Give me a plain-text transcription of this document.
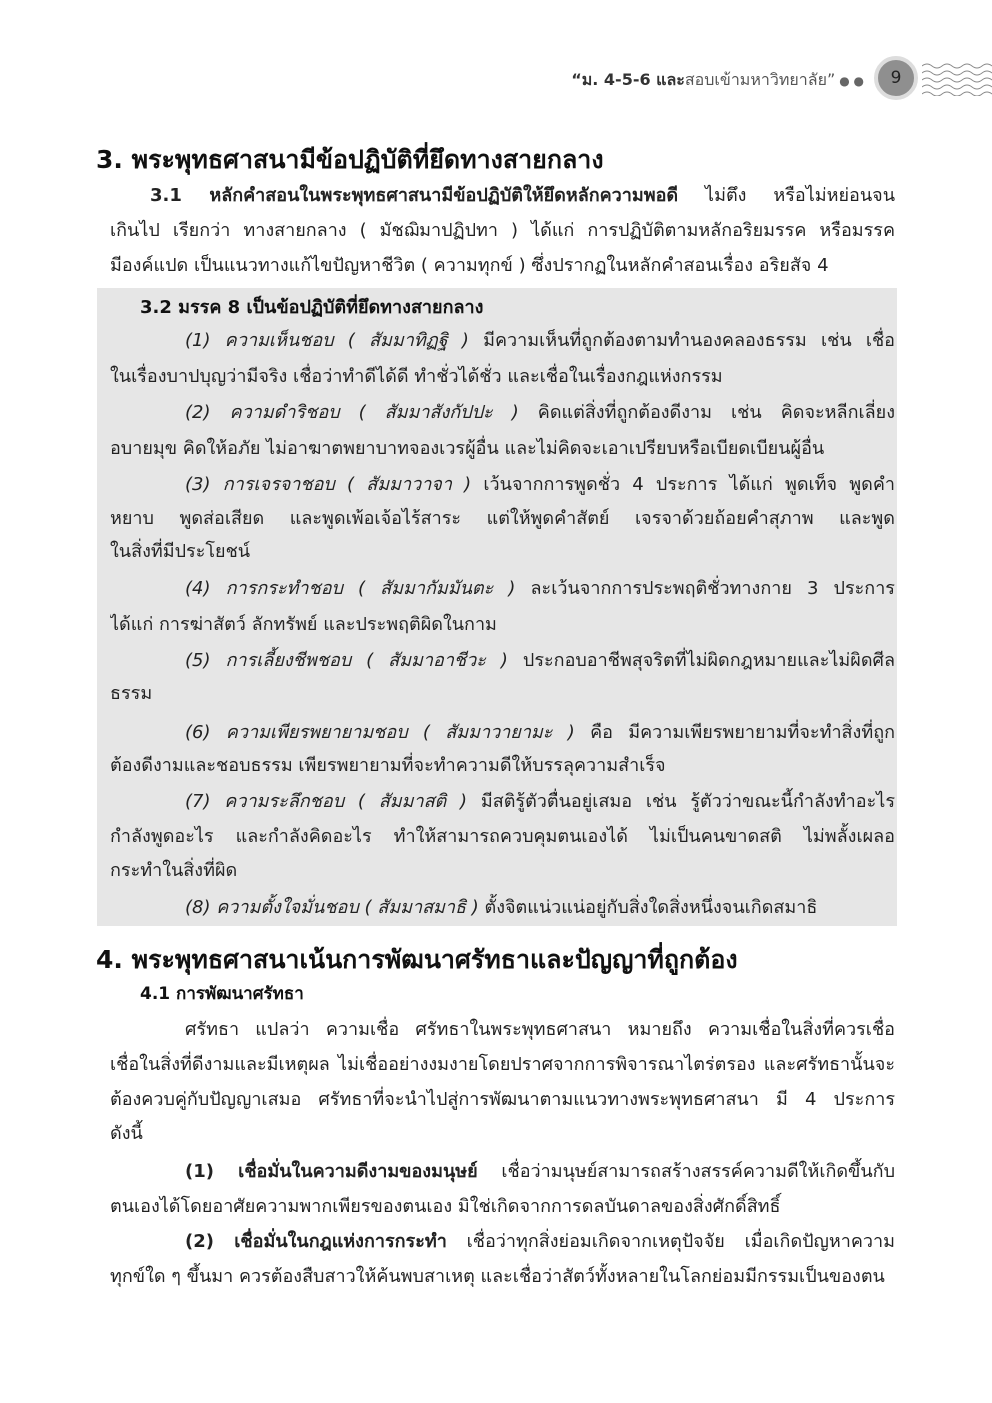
“ม. 4-5-6 และสอบเข้ามหาวิทยาลัย” ● ●	9
3. พระพุทธศาสนามีข้อปฏิบัติที่ยึดทางสายกลาง
3.1 หลักคำสอนในพระพุทธศาสนามีข้อปฏิบัติให้ยึดหลักความพอดี ไม่ตึง หรือไม่หย่อนจน
เกินไป เรียกว่า ทางสายกลาง ( มัชฌิมาปฏิปทา ) ได้แก่ การปฏิบัติตามหลักอริยมรรค หรือมรรค
มีองค์แปด เป็นแนวทางแก้ไขปัญหาชีวิต ( ความทุกข์ ) ซึ่งปรากฏในหลักคำสอนเรื่อง อริยสัจ 4
3.2 มรรค 8 เป็นข้อปฏิบัติที่ยึดทางสายกลาง
4. พระพุทธศาสนาเน้นการพัฒนาศรัทธาและปัญญาที่ถูกต้อง
4.1 การพัฒนาศรัทธา
(1) ความเห็นชอบ ( สัมมาทิฏฐิ ) มีความเห็นที่ถูกต้องตามทำนองคลองธรรม เช่น เชื่อ
ในเรื่องบาปบุญว่ามีจริง เชื่อว่าทำดีได้ดี ทำชั่วได้ชั่ว และเชื่อในเรื่องกฎแห่งกรรม
(2) ความดำริชอบ ( สัมมาสังกัปปะ ) คิดแต่สิ่งที่ถูกต้องดีงาม เช่น คิดจะหลีกเลี่ยง
อบายมุข คิดให้อภัย ไม่อาฆาตพยาบาทจองเวรผู้อื่น และไม่คิดจะเอาเปรียบหรือเบียดเบียนผู้อื่น
(3) การเจรจาชอบ ( สัมมาวาจา ) เว้นจากการพูดชั่ว 4 ประการ ได้แก่ พูดเท็จ พูดคำ
หยาบ พูดส่อเสียด และพูดเพ้อเจ้อไร้สาระ แต่ให้พูดคำสัตย์ เจรจาด้วยถ้อยคำสุภาพ และพูด
ในสิ่งที่มีประโยชน์
(4) การกระทำชอบ ( สัมมากัมมันตะ ) ละเว้นจากการประพฤติชั่วทางกาย 3 ประการ
ได้แก่ การฆ่าสัตว์ ลักทรัพย์ และประพฤติผิดในกาม
(5) การเลี้ยงชีพชอบ ( สัมมาอาชีวะ ) ประกอบอาชีพสุจริตที่ไม่ผิดกฎหมายและไม่ผิดศีล
ธรรม
(6) ความเพียรพยายามชอบ ( สัมมาวายามะ ) คือ มีความเพียรพยายามที่จะทำสิ่งที่ถูก
ต้องดีงามและชอบธรรม เพียรพยายามที่จะทำความดีให้บรรลุความสำเร็จ
(7) ความระลึกชอบ ( สัมมาสติ ) มีสติรู้ตัวตื่นอยู่เสมอ เช่น รู้ตัวว่าขณะนี้กำลังทำอะไร
กำลังพูดอะไร และกำลังคิดอะไร ทำให้สามารถควบคุมตนเองได้ ไม่เป็นคนขาดสติ ไม่พลั้งเผลอ
กระทำในสิ่งที่ผิด
(8) ความตั้งใจมั่นชอบ ( สัมมาสมาธิ ) ตั้งจิตแน่วแน่อยู่กับสิ่งใดสิ่งหนึ่งจนเกิดสมาธิ
ศรัทธา แปลว่า ความเชื่อ ศรัทธาในพระพุทธศาสนา หมายถึง ความเชื่อในสิ่งที่ควรเชื่อ
เชื่อในสิ่งที่ดีงามและมีเหตุผล ไม่เชื่ออย่างงมงายโดยปราศจากการพิจารณาไตร่ตรอง และศรัทธานั้นจะ
ต้องควบคู่กับปัญญาเสมอ ศรัทธาที่จะนำไปสู่การพัฒนาตามแนวทางพระพุทธศาสนา มี 4 ประการ
ดังนี้
(1) เชื่อมั่นในความดีงามของมนุษย์ เชื่อว่ามนุษย์สามารถสร้างสรรค์ความดีให้เกิดขึ้นกับ
ตนเองได้โดยอาศัยความพากเพียรของตนเอง มิใช่เกิดจากการดลบันดาลของสิ่งศักดิ์สิทธิ์
(2) เชื่อมั่นในกฎแห่งการกระทำ เชื่อว่าทุกสิ่งย่อมเกิดจากเหตุปัจจัย เมื่อเกิดปัญหาความ
ทุกข์ใด ๆ ขึ้นมา ควรต้องสืบสาวให้ค้นพบสาเหตุ และเชื่อว่าสัตว์ทั้งหลายในโลกย่อมมีกรรมเป็นของตน
